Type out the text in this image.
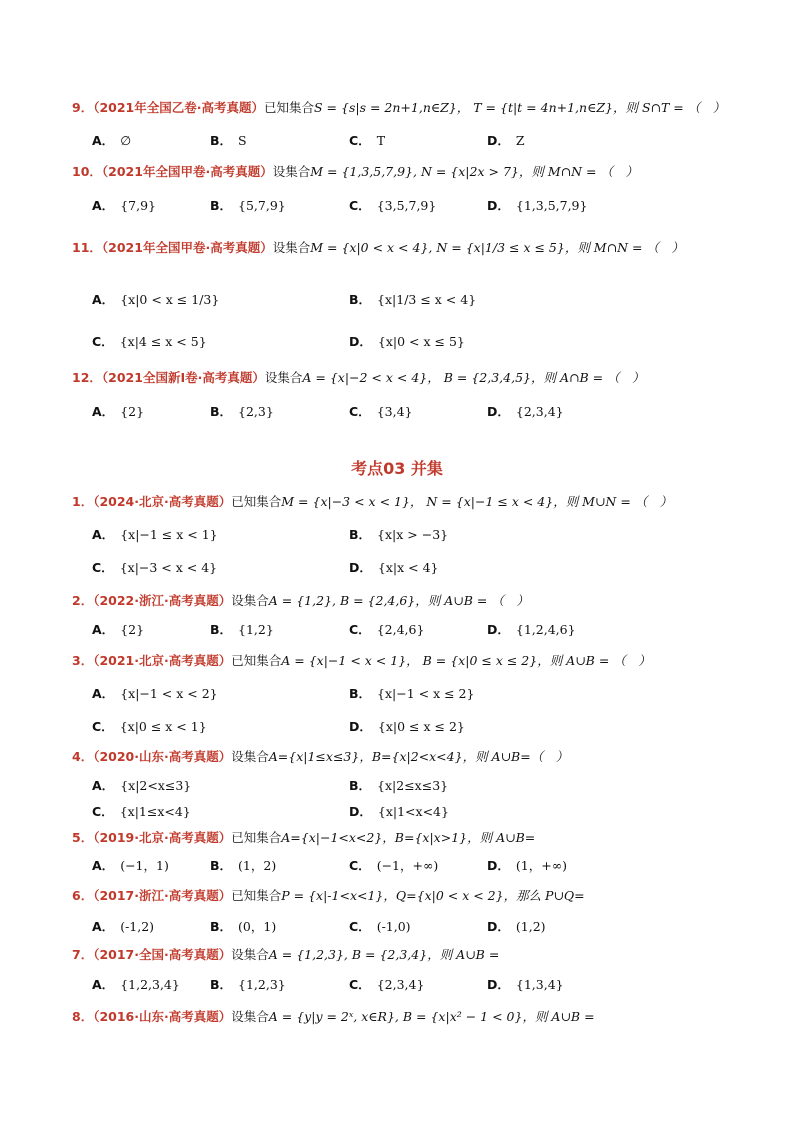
9．（2021年全国乙卷·高考真题）已知集合S = {s|s = 2n+1,n∈Z}， T = {t|t = 4n+1,n∈Z}，则 S∩T = （　）
A． ∅	B． S	C． T	D． Z
10．（2021年全国甲卷·高考真题）设集合M = {1,3,5,7,9}, N = {x|2x > 7}，则 M∩N = （　）
A． {7,9}	B． {5,7,9}	C． {3,5,7,9}	D． {1,3,5,7,9}
11．（2021年全国甲卷·高考真题）设集合M = {x|0 < x < 4}, N = {x|1/3 ≤ x ≤ 5}，则 M∩N = （　）
A． {x|0 < x ≤ 1/3}	B． {x|1/3 ≤ x < 4}
C． {x|4 ≤ x < 5}	D． {x|0 < x ≤ 5}
12．（2021全国新Ⅰ卷·高考真题）设集合A = {x|−2 < x < 4}， B = {2,3,4,5}，则 A∩B = （　）
A． {2}	B． {2,3}	C． {3,4}	D． {2,3,4}
考点03 并集
1．（2024·北京·高考真题）已知集合M = {x|−3 < x < 1}， N = {x|−1 ≤ x < 4}，则 M∪N = （　）
A． {x|−1 ≤ x < 1}	B． {x|x > −3}
C． {x|−3 < x < 4}	D． {x|x < 4}
2．（2022·浙江·高考真题）设集合A = {1,2}, B = {2,4,6}，则 A∪B = （　）
A． {2}	B． {1,2}	C． {2,4,6}	D． {1,2,4,6}
3．（2021·北京·高考真题）已知集合A = {x|−1 < x < 1}， B = {x|0 ≤ x ≤ 2}，则 A∪B = （　）
A． {x|−1 < x < 2}	B． {x|−1 < x ≤ 2}
C． {x|0 ≤ x < 1}	D． {x|0 ≤ x ≤ 2}
4．（2020·山东·高考真题）设集合A={x|1≤x≤3}，B={x|2<x<4}，则 A∪B=（　）
A． {x|2<x≤3}	B． {x|2≤x≤3}
C． {x|1≤x<4}	D． {x|1<x<4}
5．（2019·北京·高考真题）已知集合A={x|−1<x<2}，B={x|x>1}，则 A∪B=
A． (−1，1)	B． (1，2)	C． (−1，+∞)	D． (1，+∞)
6．（2017·浙江·高考真题）已知集合P = {x|-1<x<1}，Q={x|0 < x < 2}，那么 P∪Q=
A． (-1,2)	B． (0，1)	C． (-1,0)	D． (1,2)
7．（2017·全国·高考真题）设集合A = {1,2,3}, B = {2,3,4}，则 A∪B =
A． {1,2,3,4} B． {1,2,3}	C． {2,3,4}	D． {1,3,4}
8．（2016·山东·高考真题）设集合A = {y|y = 2ˣ, x∈R}, B = {x|x² − 1 < 0}，则 A∪B =
